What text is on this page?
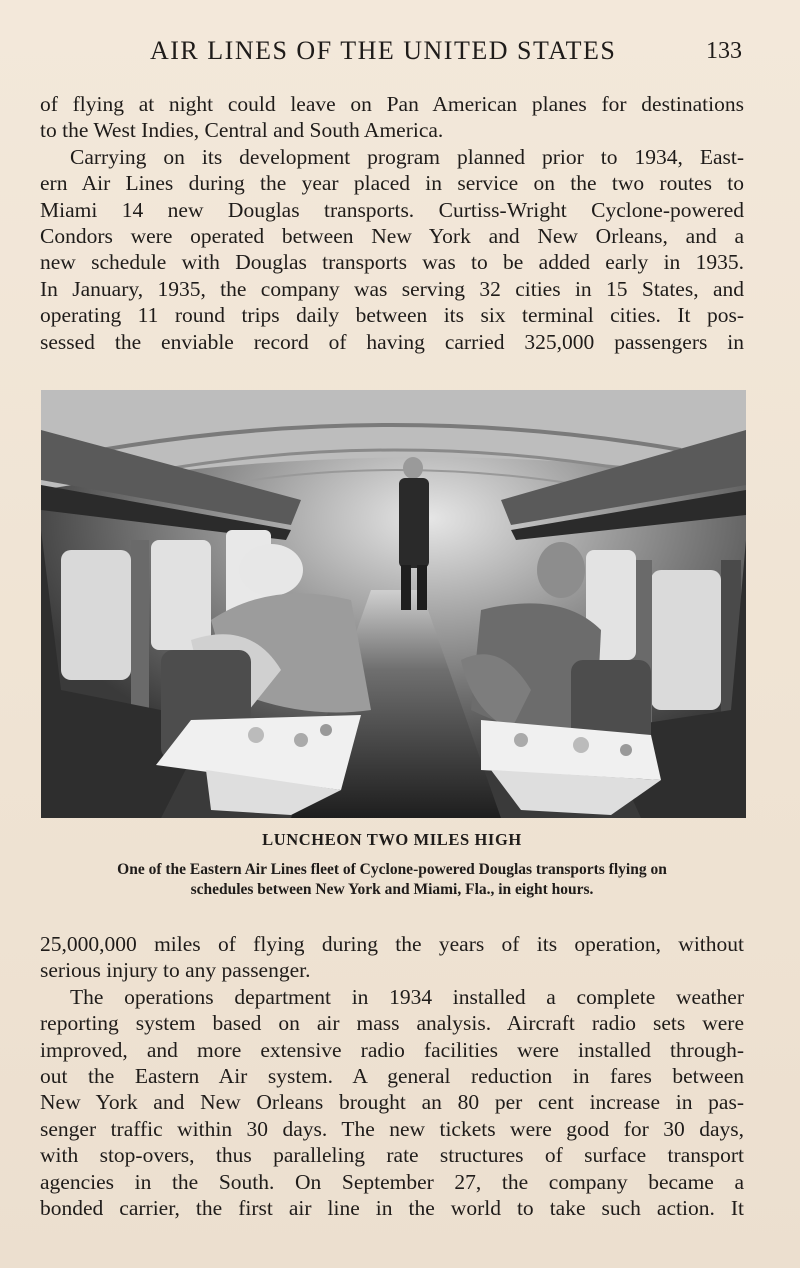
AIR LINES OF THE UNITED STATES	133

of flying at night could leave on Pan American planes for destinations
to the West Indies, Central and South America.

Carrying on its development program planned prior to 1934, East-
ern Air Lines during the year placed in service on the two routes to
Miami 14 new Douglas transports. Curtiss-Wright Cyclone-powered
Condors were operated between New York and New Orleans, and a
new schedule with Douglas transports was to be added early in 1935.
In January, 1935, the company was serving 32 cities in 15 States, and
operating 11 round trips daily between its six terminal cities. It pos-
sessed the enviable record of having carried 325,000 passengers in

LUNCHEON TWO MILES HIGH
One of the Eastern Air Lines fleet of Cyclone-powered Douglas transports flying on
schedules between New York and Miami, Fla., in eight hours.

25,000,000 miles of flying during the years of its operation, without
serious injury to any passenger.

The operations department in 1934 installed a complete weather
reporting system based on air mass analysis. Aircraft radio sets were
improved, and more extensive radio facilities were installed through-
out the Eastern Air system. A general reduction in fares between
New York and New Orleans brought an 80 per cent increase in pas-
senger traffic within 30 days. The new tickets were good for 30 days,
with stop-overs, thus paralleling rate structures of surface transport
agencies in the South. On September 27, the company became a
bonded carrier, the first air line in the world to take such action. It
